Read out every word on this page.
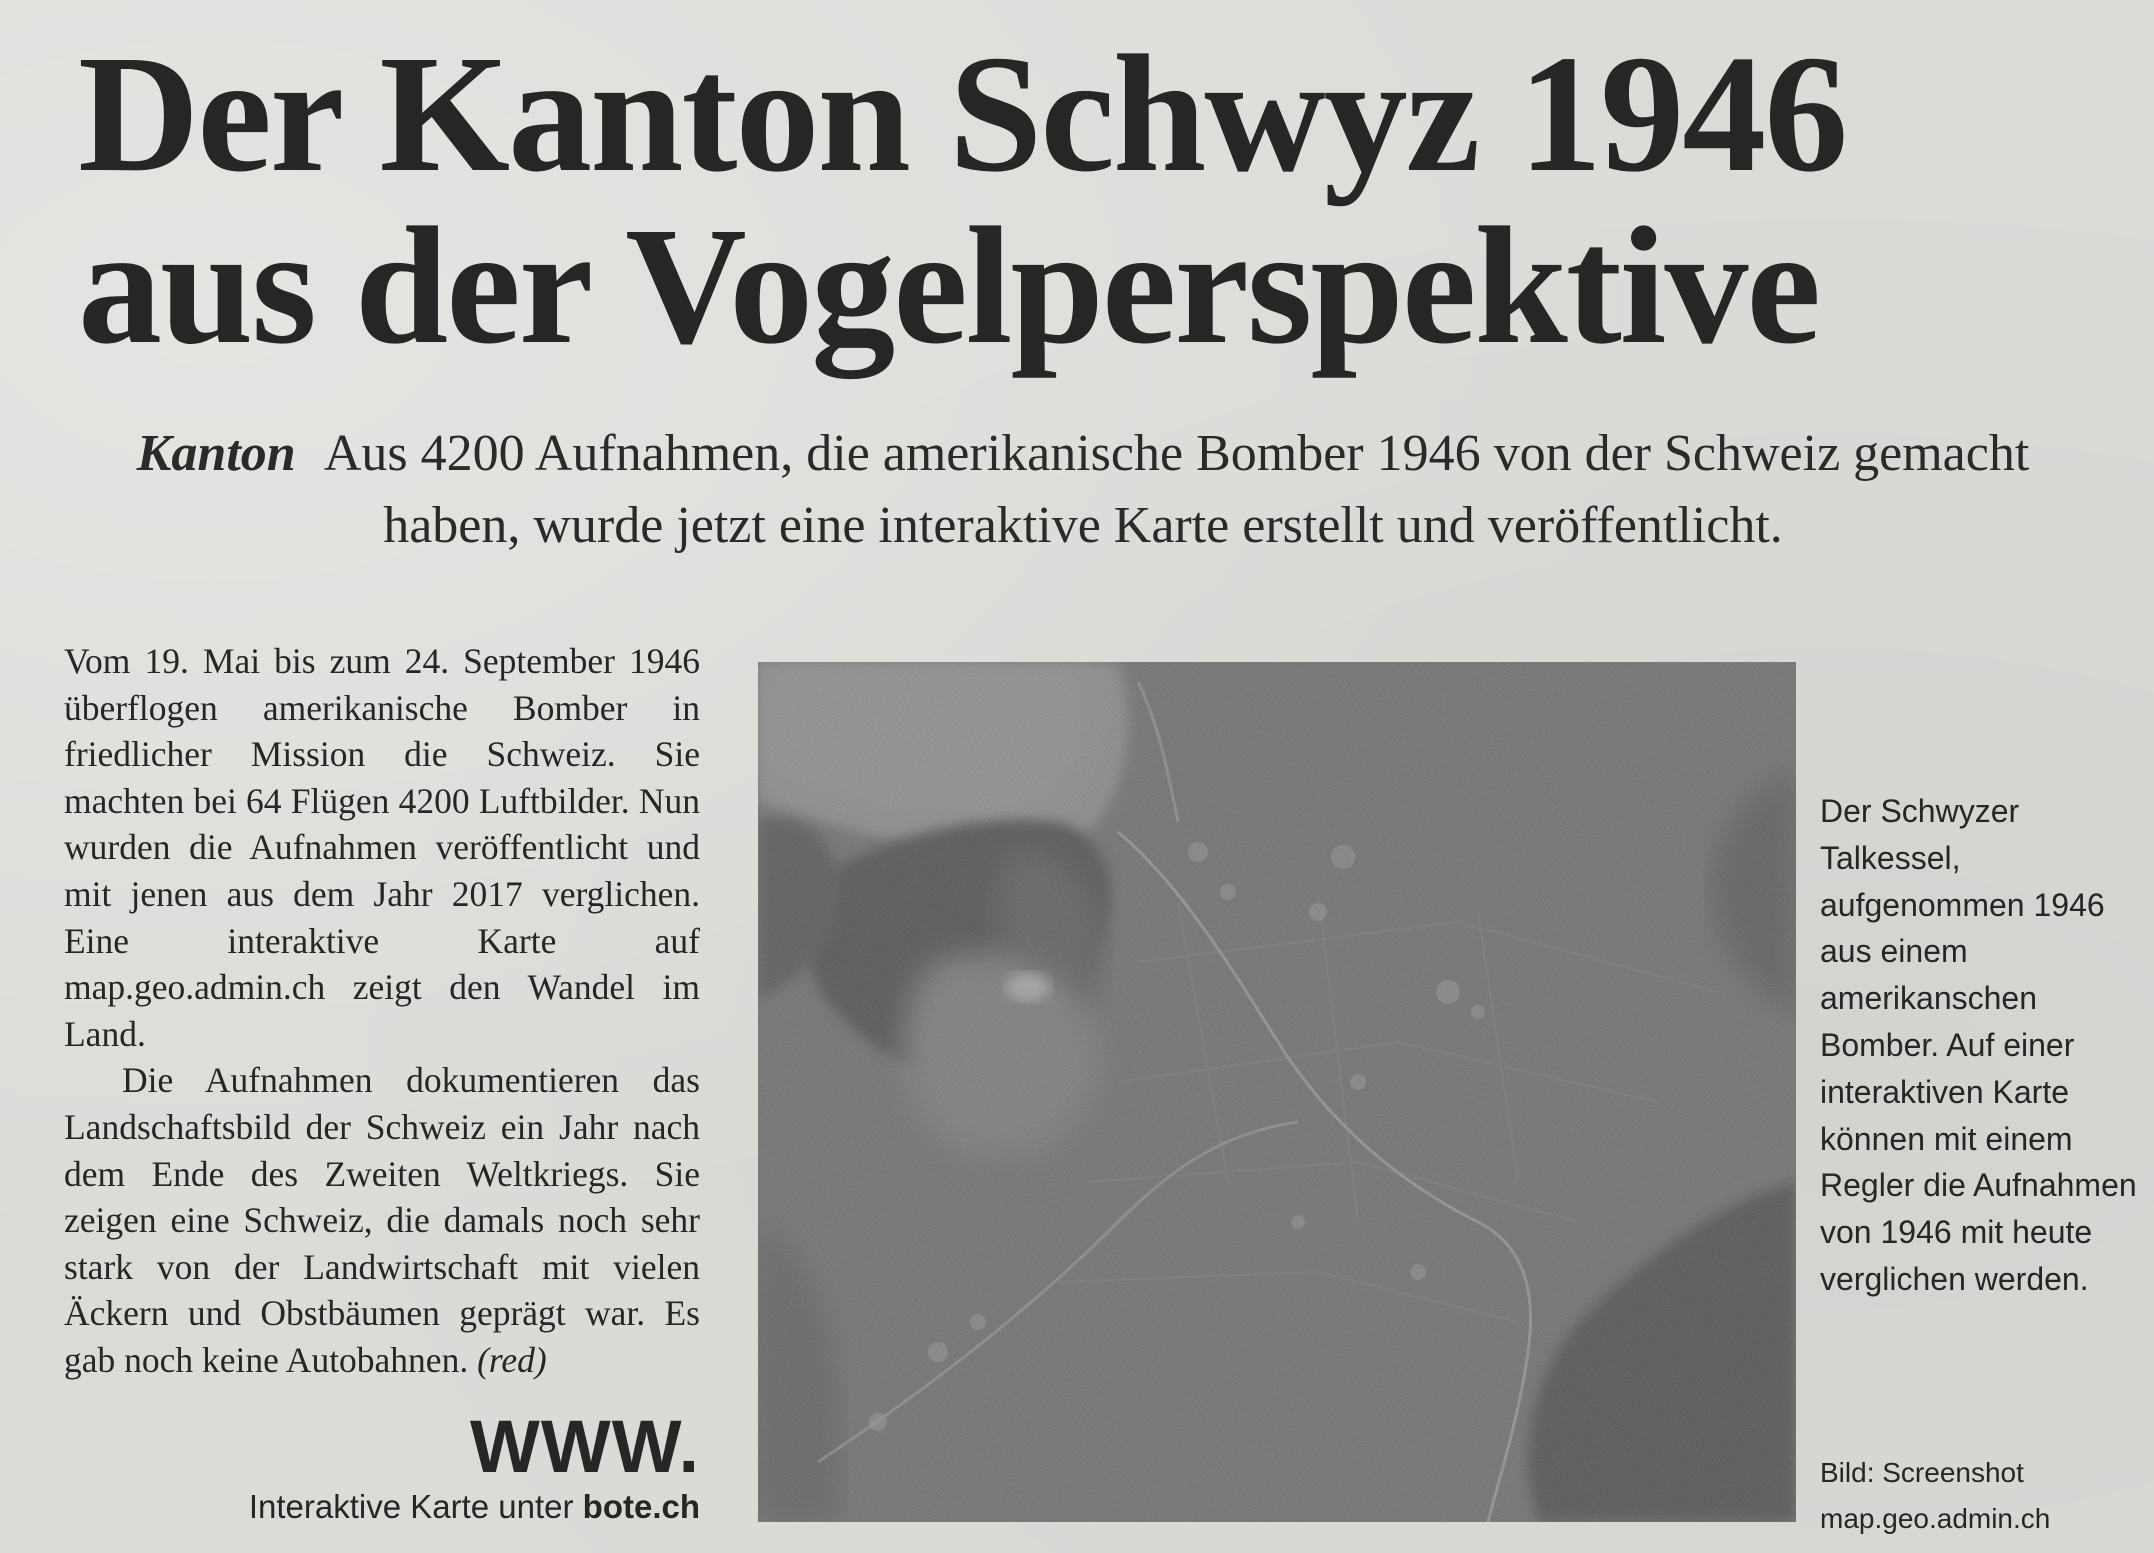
Der Kanton Schwyz 1946
aus der Vogelperspektive

Kanton Aus 4200 Aufnahmen, die amerikanische Bomber 1946 von der Schweiz gemacht haben, wurde jetzt eine interaktive Karte erstellt und veröffentlicht.

Vom 19. Mai bis zum 24. September 1946 überflogen amerikanische Bomber in friedlicher Mission die Schweiz. Sie machten bei 64 Flügen 4200 Luftbilder. Nun wurden die Aufnahmen veröffentlicht und mit jenen aus dem Jahr 2017 verglichen. Eine interaktive Karte auf map.geo.admin.ch zeigt den Wandel im Land.

Die Aufnahmen dokumentieren das Landschaftsbild der Schweiz ein Jahr nach dem Ende des Zweiten Weltkriegs. Sie zeigen eine Schweiz, die damals noch sehr stark von der Landwirtschaft mit vielen Äckern und Obstbäumen geprägt war. Es gab noch keine Autobahnen. (red)

WWW.
Interaktive Karte unter bote.ch
Der Schwyzer Talkessel, aufgenommen 1946 aus einem amerikanschen Bomber. Auf einer interaktiven Karte können mit einem Regler die Aufnahmen von 1946 mit heute verglichen werden.
Bild: Screenshot
map.geo.admin.ch
